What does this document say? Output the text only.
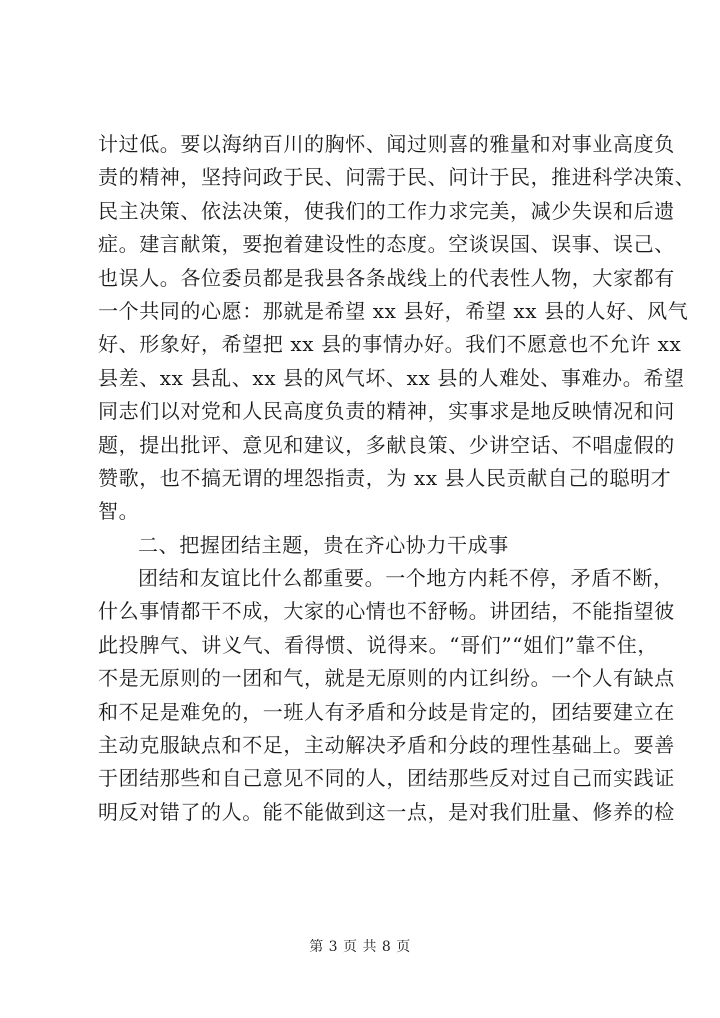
计过低。要以海纳百川的胸怀、闻过则喜的雅量和对事业高度负
责的精神，坚持问政于民、问需于民、问计于民，推进科学决策、
民主决策、依法决策，使我们的工作力求完美，减少失误和后遗
症。建言献策，要抱着建设性的态度。空谈误国、误事、误己、
也误人。各位委员都是我县各条战线上的代表性人物，大家都有
一个共同的心愿：那就是希望 xx 县好，希望 xx 县的人好、风气
好、形象好，希望把 xx 县的事情办好。我们不愿意也不允许 xx
县差、xx 县乱、xx 县的风气坏、xx 县的人难处、事难办。希望
同志们以对党和人民高度负责的精神，实事求是地反映情况和问
题，提出批评、意见和建议，多献良策、少讲空话、不唱虚假的
赞歌，也不搞无谓的埋怨指责，为 xx 县人民贡献自己的聪明才
智。
二、把握团结主题，贵在齐心协力干成事
团结和友谊比什么都重要。一个地方内耗不停，矛盾不断，
什么事情都干不成，大家的心情也不舒畅。讲团结，不能指望彼
此投脾气、讲义气、看得惯、说得来。“哥们”“姐们”靠不住，
不是无原则的一团和气，就是无原则的内讧纠纷。一个人有缺点
和不足是难免的，一班人有矛盾和分歧是肯定的，团结要建立在
主动克服缺点和不足，主动解决矛盾和分歧的理性基础上。要善
于团结那些和自己意见不同的人，团结那些反对过自己而实践证
明反对错了的人。能不能做到这一点，是对我们肚量、修养的检
第 3 页 共 8 页
